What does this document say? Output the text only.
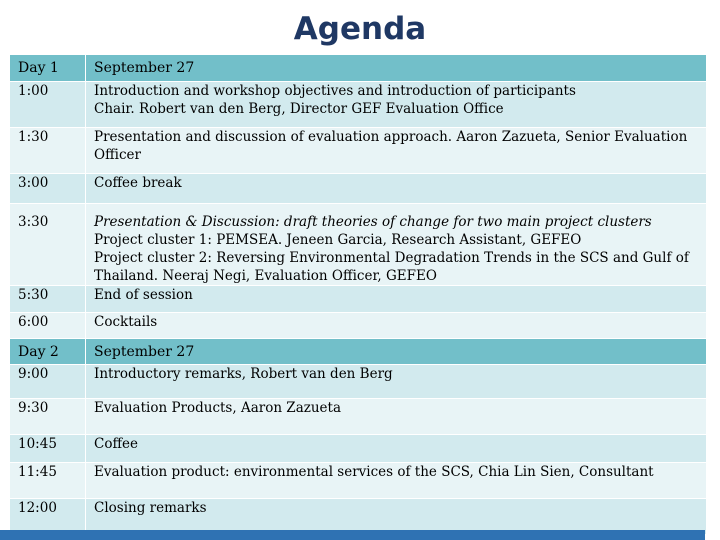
Agenda
Day 1	September 27
1:00	Introduction and workshop objectives and introduction of participants
Chair. Robert van den Berg, Director GEF Evaluation Office

1:30	Presentation and discussion of evaluation approach. Aaron Zazueta, Senior Evaluation Officer

3:00	Coffee break

3:30	Presentation & Discussion: draft theories of change for two main project clusters
Project cluster 1: PEMSEA. Jeneen Garcia, Research Assistant, GEFEO
Project cluster 2: Reversing Environmental Degradation Trends in the SCS and Gulf of Thailand. Neeraj Negi, Evaluation Officer, GEFEO

5:30	End of session

6:00	Cocktails

Day 2	September 27
9:00	Introductory remarks, Robert van den Berg

9:30	Evaluation Products, Aaron Zazueta

10:45	Coffee

11:45	Evaluation product: environmental services of the SCS, Chia Lin Sien, Consultant

12:00	Closing remarks
